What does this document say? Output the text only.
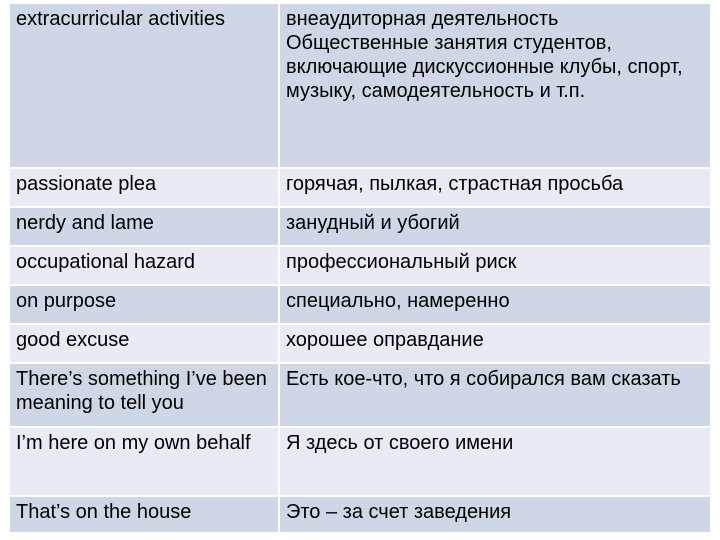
extracurricular activities	внеаудиторная деятельность Общественные занятия студентов, включающие дискуссионные клубы, спорт, музыку, самодеятельность и т.п.
passionate plea	горячая, пылкая, страстная просьба
nerdy and lame	занудный и убогий
occupational hazard	профессиональный риск
on purpose	специально, намеренно
good excuse	хорошее оправдание
There’s something I’ve been meaning to tell you	Есть кое-что, что я собирался вам сказать
I’m here on my own behalf	Я здесь от своего имени
That’s on the house	Это – за счет заведения
